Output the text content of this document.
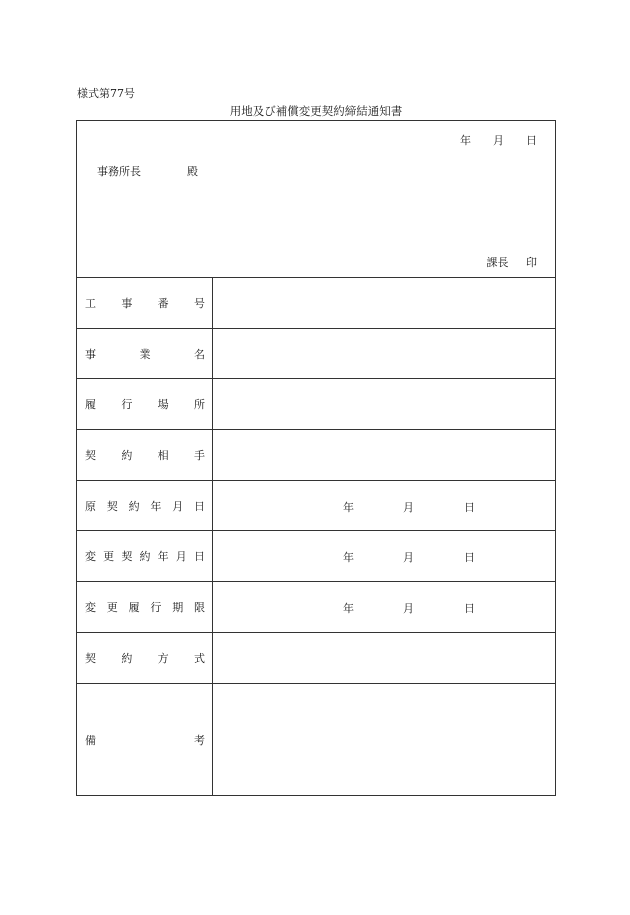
様式第77号
用地及び補償変更契約締結通知書
年 月 日
事務所長	殿
課長 印
工 事 番 号
事	業	名
履 行 場 所
契 約 相 手
原 契 約 年 月 日	年	月	日
変 更 契 約 年 月 日	年	月	日
変 更 履 行 期 限	年	月	日
契 約 方 式
備	考
